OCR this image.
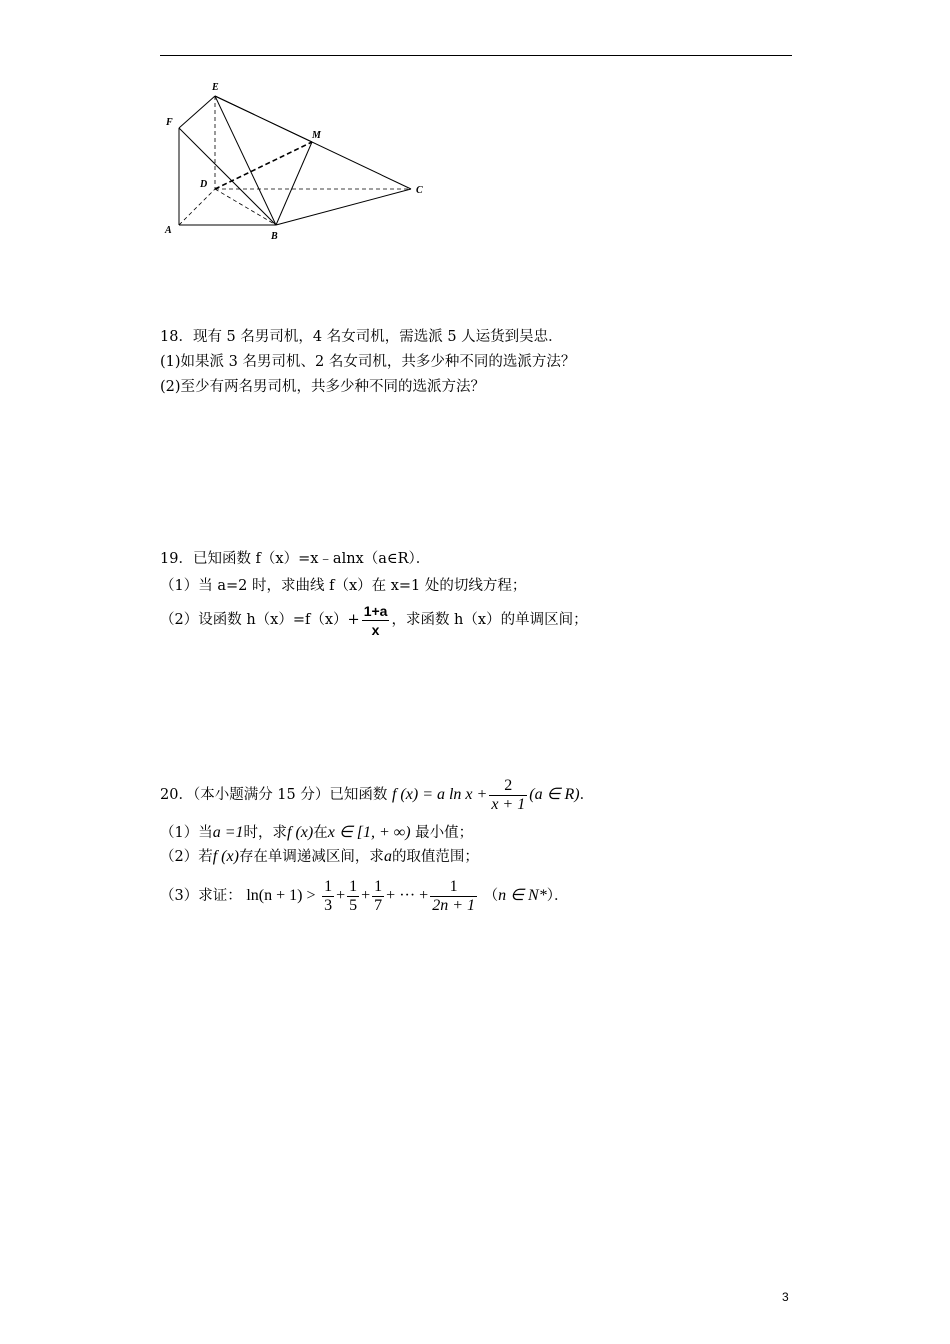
E
F
M
D
C
A
B
18．现有 5 名男司机，4 名女司机，需选派 5 人运货到吴忠．
(1)如果派 3 名男司机、2 名女司机，共多少种不同的选派方法？
(2)至少有两名男司机，共多少种不同的选派方法？
19．已知函数 f（x）=x﹣alnx（a∈R）．
（1）当 a=2 时，求曲线 f（x）在 x=1 处的切线方程；
（2）设函数 $h(x)=f(x)+ \frac{1+a}{x}$ ，求函数 h（x）的单调区间；
20．（本小题满分 15 分）已知函数 f (x) = a $\ln x + \frac{2}{x + 1} (a$ ∈ R)．
（1）当a =1时，求f (x)在x ∈ [1, + ∞) 最小值；
（2）若f (x)存在单调递减区间，求a的取值范围；
（3）求证： $\ln(n + 1) > \frac{1}{3} + \frac{1}{5} + \frac{1}{7}$ + ··· + $\frac{1}{2n + 1} (n$ ∈ N*）．
3
